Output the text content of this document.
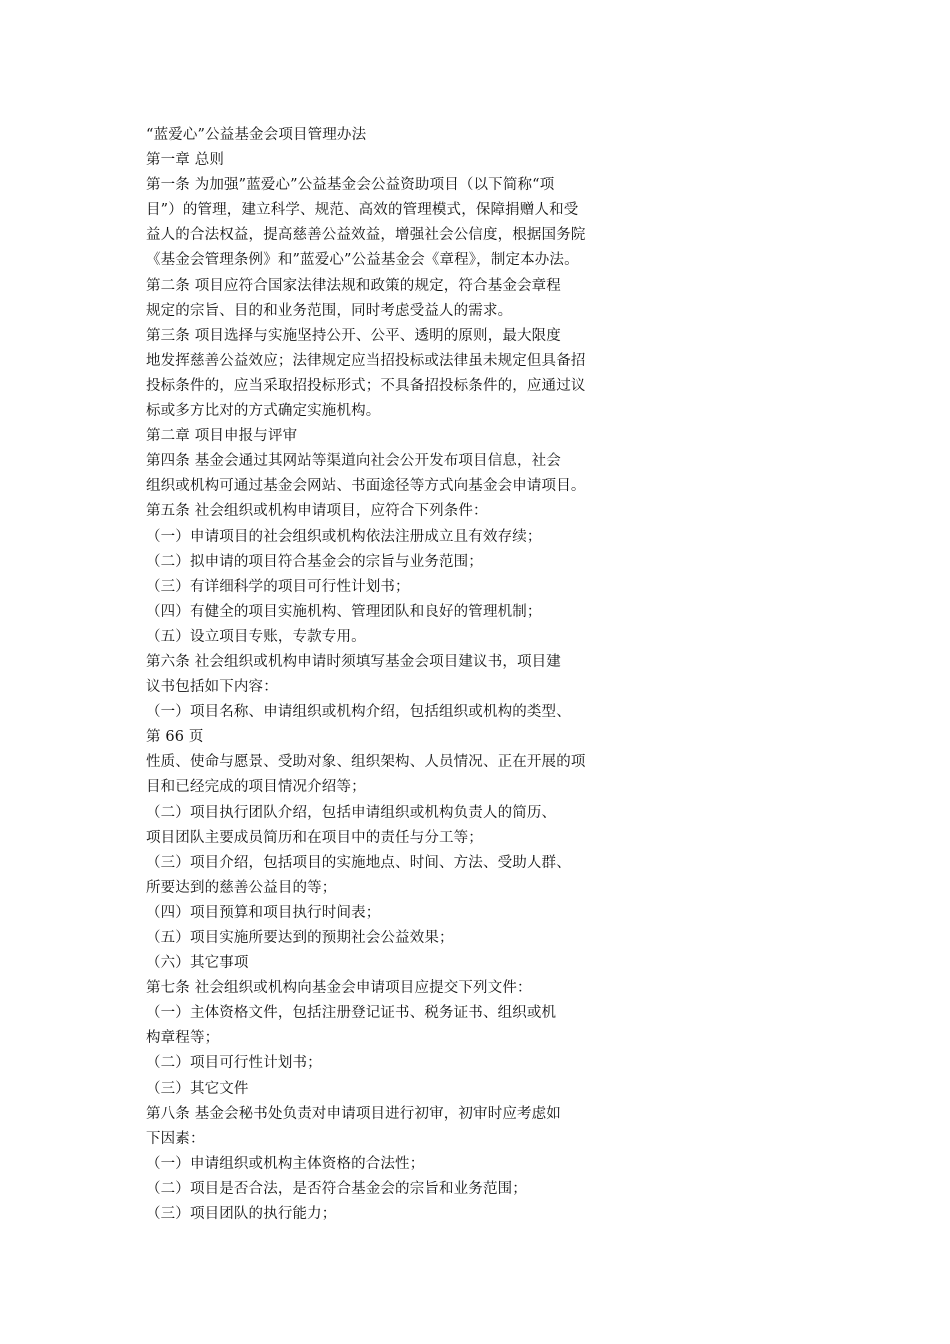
“蓝爱心”公益基金会项目管理办法
第一章 总则
第一条 为加强”蓝爱心”公益基金会公益资助项目（以下简称“项
目”）的管理，建立科学、规范、高效的管理模式，保障捐赠人和受
益人的合法权益，提高慈善公益效益，增强社会公信度，根据国务院
《基金会管理条例》和”蓝爱心”公益基金会《章程》，制定本办法。
第二条 项目应符合国家法律法规和政策的规定，符合基金会章程
规定的宗旨、目的和业务范围，同时考虑受益人的需求。
第三条 项目选择与实施坚持公开、公平、透明的原则，最大限度
地发挥慈善公益效应；法律规定应当招投标或法律虽未规定但具备招
投标条件的，应当采取招投标形式；不具备招投标条件的，应通过议
标或多方比对的方式确定实施机构。
第二章 项目申报与评审
第四条 基金会通过其网站等渠道向社会公开发布项目信息，社会
组织或机构可通过基金会网站、书面途径等方式向基金会申请项目。
第五条 社会组织或机构申请项目，应符合下列条件：
（一）申请项目的社会组织或机构依法注册成立且有效存续；
（二）拟申请的项目符合基金会的宗旨与业务范围；
（三）有详细科学的项目可行性计划书；
（四）有健全的项目实施机构、管理团队和良好的管理机制；
（五）设立项目专账，专款专用。
第六条 社会组织或机构申请时须填写基金会项目建议书，项目建
议书包括如下内容：
（一）项目名称、申请组织或机构介绍，包括组织或机构的类型、
第 66 页
性质、使命与愿景、受助对象、组织架构、人员情况、正在开展的项
目和已经完成的项目情况介绍等；
（二）项目执行团队介绍，包括申请组织或机构负责人的简历、
项目团队主要成员简历和在项目中的责任与分工等；
（三）项目介绍，包括项目的实施地点、时间、方法、受助人群、
所要达到的慈善公益目的等；
（四）项目预算和项目执行时间表；
（五）项目实施所要达到的预期社会公益效果；
（六）其它事项
第七条 社会组织或机构向基金会申请项目应提交下列文件：
（一）主体资格文件，包括注册登记证书、税务证书、组织或机
构章程等；
（二）项目可行性计划书；
（三）其它文件
第八条 基金会秘书处负责对申请项目进行初审，初审时应考虑如
下因素：
（一）申请组织或机构主体资格的合法性；
（二）项目是否合法，是否符合基金会的宗旨和业务范围；
（三）项目团队的执行能力；
